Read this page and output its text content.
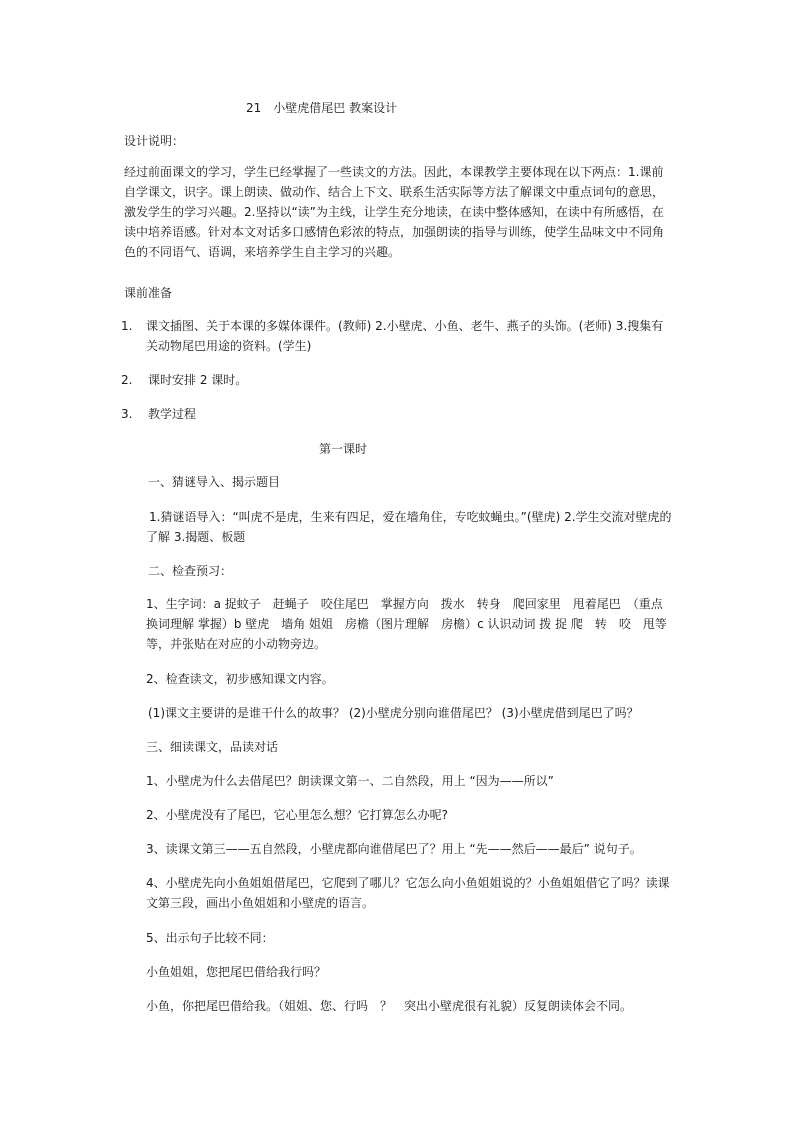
21　小壁虎借尾巴 教案设计
设计说明：
经过前面课文的学习，学生已经掌握了一些读文的方法。因此，本课教学主要体现在以下两点：1.课前自学课文，识字。课上朗读、做动作、结合上下文、联系生活实际等方法了解课文中重点词句的意思，激发学生的学习兴趣。2.坚持以“读”为主线，让学生充分地读，在读中整体感知，在读中有所感悟，在读中培养语感。针对本文对话多口感情色彩浓的特点，加强朗读的指导与训练，使学生品味文中不同角色的不同语气、语调，来培养学生自主学习的兴趣。
课前准备
1. 课文插图、关于本课的多媒体课件。(教师) 2.小壁虎、小鱼、老牛、燕子的头饰。(老师) 3.搜集有关动物尾巴用途的资料。(学生)
2. 课时安排 2 课时。
3. 教学过程
第一课时
一、猜谜导入、揭示题目
1.猜谜语导入：“叫虎不是虎，生来有四足，爱在墙角住，专吃蚊蝇虫。”(壁虎) 2.学生交流对壁虎的了解 3.揭题、板题
二、检查预习：
1、生字词：a 捉蚊子　赶蝇子　咬住尾巴　掌握方向　拨水　转身　爬回家里　甩着尾巴　（重点换词理解 掌握）b 壁虎　墙角 姐姐　房檐（图片理解　房檐）c 认识动词 拨 捉 爬　转　咬　甩等等，并张贴在对应的小动物旁边。
2、检查读文，初步感知课文内容。
(1)课文主要讲的是谁干什么的故事？ (2)小壁虎分别向谁借尾巴？ (3)小壁虎借到尾巴了吗？
三、细读课文，品读对话
1、小壁虎为什么去借尾巴？朗读课文第一、二自然段，用上 “因为——所以”
2、小壁虎没有了尾巴，它心里怎么想？它打算怎么办呢?
3、读课文第三——五自然段，小壁虎都向谁借尾巴了？用上 “先——然后——最后” 说句子。
4、小壁虎先向小鱼姐姐借尾巴，它爬到了哪儿？它怎么向小鱼姐姐说的？小鱼姐姐借它了吗？读课文第三段，画出小鱼姐姐和小壁虎的语言。
5、出示句子比较不同：
小鱼姐姐，您把尾巴借给我行吗？
小鱼，你把尾巴借给我。（姐姐、您、行吗　？　突出小壁虎很有礼貌）反复朗读体会不同。
